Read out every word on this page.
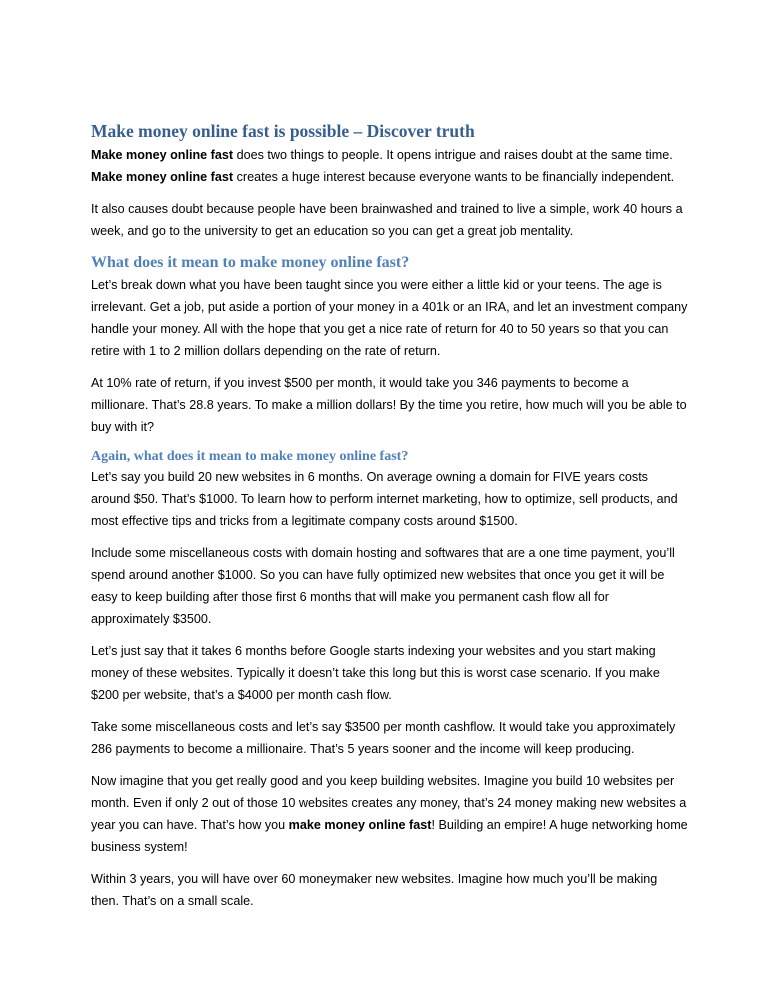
Make money online fast is possible – Discover truth

Make money online fast does two things to people. It opens intrigue and raises doubt at the same time.

Make money online fast creates a huge interest because everyone wants to be financially independent.

It also causes doubt because people have been brainwashed and trained to live a simple, work 40 hours a week, and go to the university to get an education so you can get a great job mentality.

What does it mean to make money online fast?

Let’s break down what you have been taught since you were either a little kid or your teens. The age is irrelevant. Get a job, put aside a portion of your money in a 401k or an IRA, and let an investment company handle your money. All with the hope that you get a nice rate of return for 40 to 50 years so that you can retire with 1 to 2 million dollars depending on the rate of return.

At 10% rate of return, if you invest $500 per month, it would take you 346 payments to become a millionare. That’s 28.8 years. To make a million dollars! By the time you retire, how much will you be able to buy with it?

Again, what does it mean to make money online fast?

Let’s say you build 20 new websites in 6 months. On average owning a domain for FIVE years costs around $50. That’s $1000. To learn how to perform internet marketing, how to optimize, sell products, and most effective tips and tricks from a legitimate company costs around $1500.

Include some miscellaneous costs with domain hosting and softwares that are a one time payment, you’ll spend around another $1000. So you can have fully optimized new websites that once you get it will be easy to keep building after those first 6 months that will make you permanent cash flow all for approximately $3500.

Let’s just say that it takes 6 months before Google starts indexing your websites and you start making money of these websites. Typically it doesn’t take this long but this is worst case scenario. If you make $200 per website, that’s a $4000 per month cash flow.

Take some miscellaneous costs and let’s say $3500 per month cashflow. It would take you approximately 286 payments to become a millionaire. That’s 5 years sooner and the income will keep producing.

Now imagine that you get really good and you keep building websites. Imagine you build 10 websites per month. Even if only 2 out of those 10 websites creates any money, that’s 24 money making new websites a year you can have. That’s how you make money online fast! Building an empire! A huge networking home business system!

Within 3 years, you will have over 60 moneymaker new websites. Imagine how much you’ll be making then. That’s on a small scale.
